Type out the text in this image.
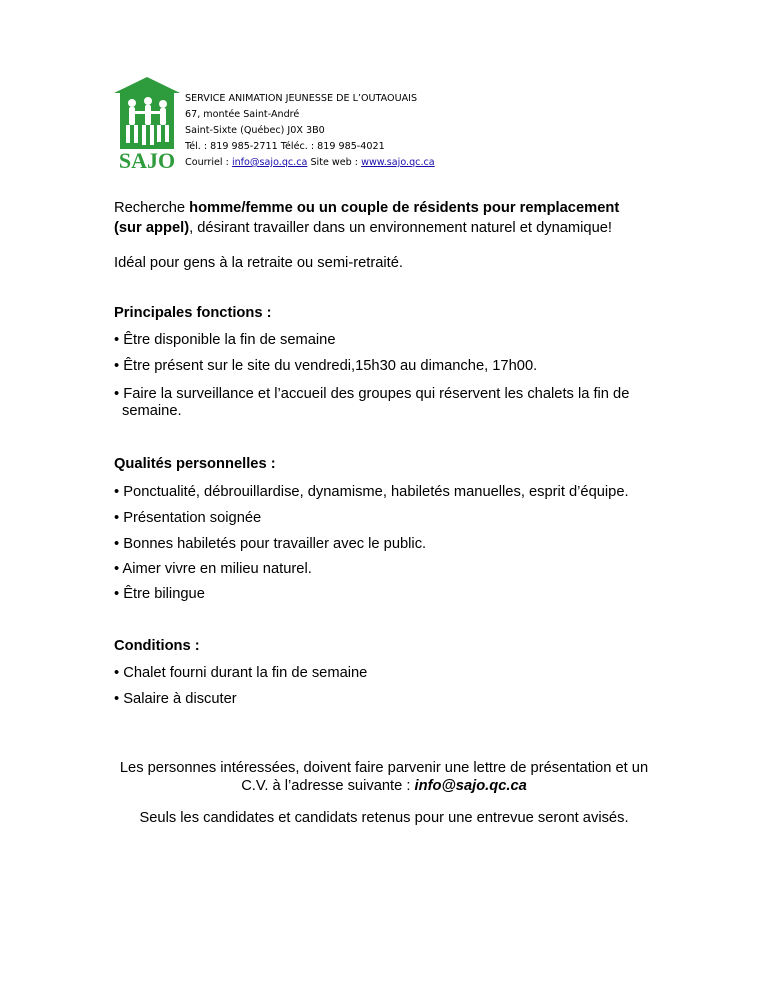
SAJO
SERVICE ANIMATION JEUNESSE DE L’OUTAOUAIS
67, montée Saint-André
Saint-Sixte (Québec) J0X 3B0
Tél. : 819 985-2711 Téléc. : 819 985-4021
Courriel : info@sajo.qc.ca Site web : www.sajo.qc.ca
Recherche homme/femme ou un couple de résidents pour remplacement
(sur appel), désirant travailler dans un environnement naturel et dynamique!
Idéal pour gens à la retraite ou semi-retraité.
Principales fonctions :
• Être disponible la fin de semaine
• Être présent sur le site du vendredi,15h30 au dimanche, 17h00.
• Faire la surveillance et l’accueil des groupes qui réservent les chalets la fin de
semaine.
Qualités personnelles :
• Ponctualité, débrouillardise, dynamisme, habiletés manuelles, esprit d’équipe.
• Présentation soignée
• Bonnes habiletés pour travailler avec le public.
• Aimer vivre en milieu naturel.
• Être bilingue
Conditions :
• Chalet fourni durant la fin de semaine
• Salaire à discuter
Les personnes intéressées, doivent faire parvenir une lettre de présentation et un
C.V. à l’adresse suivante : info@sajo.qc.ca
Seuls les candidates et candidats retenus pour une entrevue seront avisés.
